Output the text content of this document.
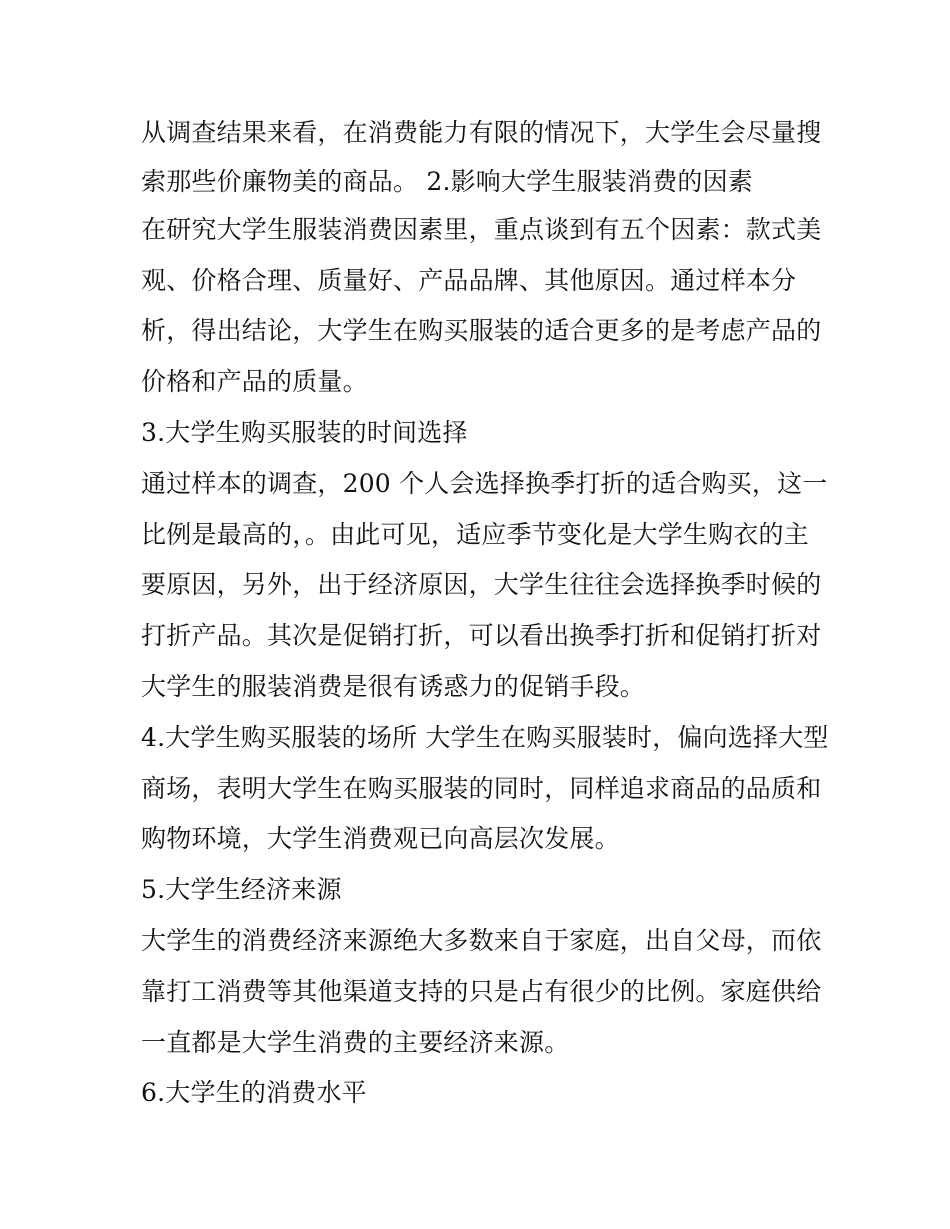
从调查结果来看，在消费能力有限的情况下，大学生会尽量搜
索那些价廉物美的商品。 2.影响大学生服装消费的因素
在研究大学生服装消费因素里，重点谈到有五个因素：款式美
观、价格合理、质量好、产品品牌、其他原因。通过样本分
析，得出结论，大学生在购买服装的适合更多的是考虑产品的
价格和产品的质量。
3.大学生购买服装的时间选择
通过样本的调查，200 个人会选择换季打折的适合购买，这一
比例是最高的，。由此可见，适应季节变化是大学生购衣的主
要原因，另外，出于经济原因，大学生往往会选择换季时候的
打折产品。其次是促销打折，可以看出换季打折和促销打折对
大学生的服装消费是很有诱惑力的促销手段。
4.大学生购买服装的场所 大学生在购买服装时，偏向选择大型
商场，表明大学生在购买服装的同时，同样追求商品的品质和
购物环境，大学生消费观已向高层次发展。
5.大学生经济来源
大学生的消费经济来源绝大多数来自于家庭，出自父母，而依
靠打工消费等其他渠道支持的只是占有很少的比例。家庭供给
一直都是大学生消费的主要经济来源。
6.大学生的消费水平
